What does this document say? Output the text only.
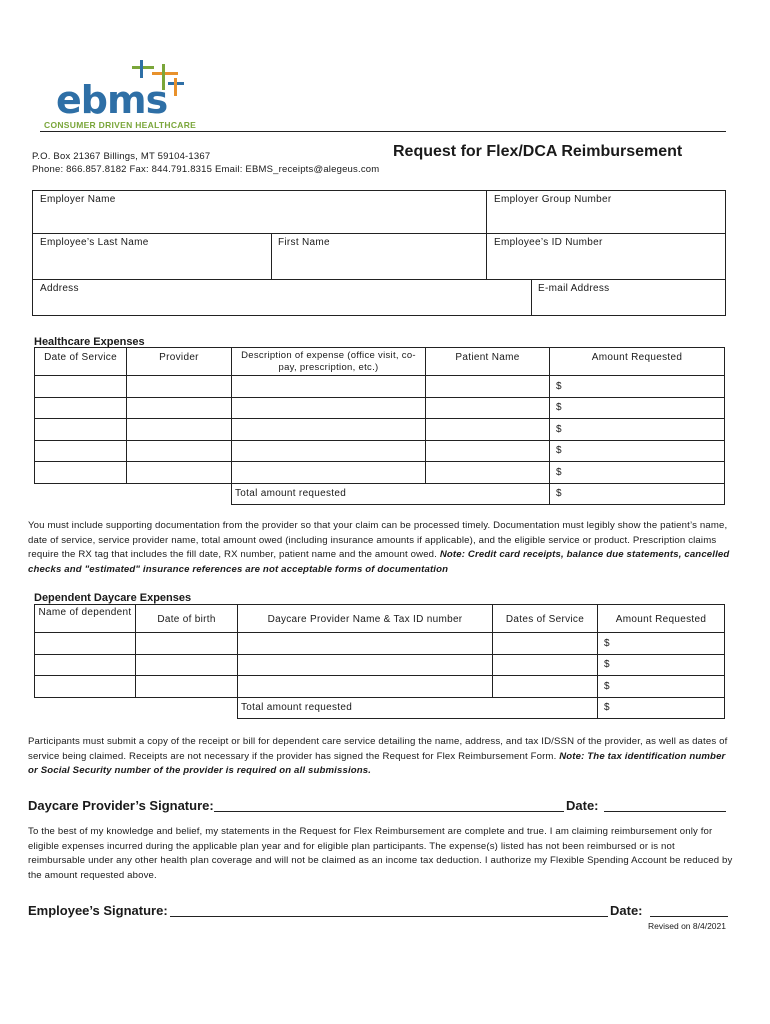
ebms
CONSUMER DRIVEN HEALTHCARE
P.O. Box 21367 Billings, MT 59104-1367
Phone: 866.857.8182 Fax: 844.791.8315 Email: EBMS_receipts@alegeus.com
Request for Flex/DCA Reimbursement
Employer Name	Employer Group Number
Employee’s Last Name	First Name	Employee’s ID Number
Address	E-mail Address
Healthcare Expenses
Date of Service	Provider	Description of expense (office visit, co-pay, prescription, etc.)	Patient Name	Amount Requested
				$
				$
				$
				$
				$
		Total amount requested		$
You must include supporting documentation from the provider so that your claim can be processed timely. Documentation must legibly show the patient’s name, date of service, service provider name, total amount owed (including insurance amounts if applicable), and the eligible service or product. Prescription claims require the RX tag that includes the fill date, RX number, patient name and the amount owed. Note: Credit card receipts, balance due statements, cancelled checks and "estimated" insurance references are not acceptable forms of documentation
Dependent Daycare Expenses
Name of dependent	Date of birth	Daycare Provider Name & Tax ID number	Dates of Service	Amount Requested
				$
				$
				$
		Total amount requested		$
Participants must submit a copy of the receipt or bill for dependent care service detailing the name, address, and tax ID/SSN of the provider, as well as dates of service being claimed. Receipts are not necessary if the provider has signed the Request for Flex Reimbursement Form. Note: The tax identification number or Social Security number of the provider is required on all submissions.
Daycare Provider’s Signature:	Date:
To the best of my knowledge and belief, my statements in the Request for Flex Reimbursement are complete and true. I am claiming reimbursement only for eligible expenses incurred during the applicable plan year and for eligible plan participants. The expense(s) listed has not been reimbursed or is not reimbursable under any other health plan coverage and will not be claimed as an income tax deduction. I authorize my Flexible Spending Account be reduced by the amount requested above.
Employee’s Signature:	Date:
Revised on 8/4/2021
